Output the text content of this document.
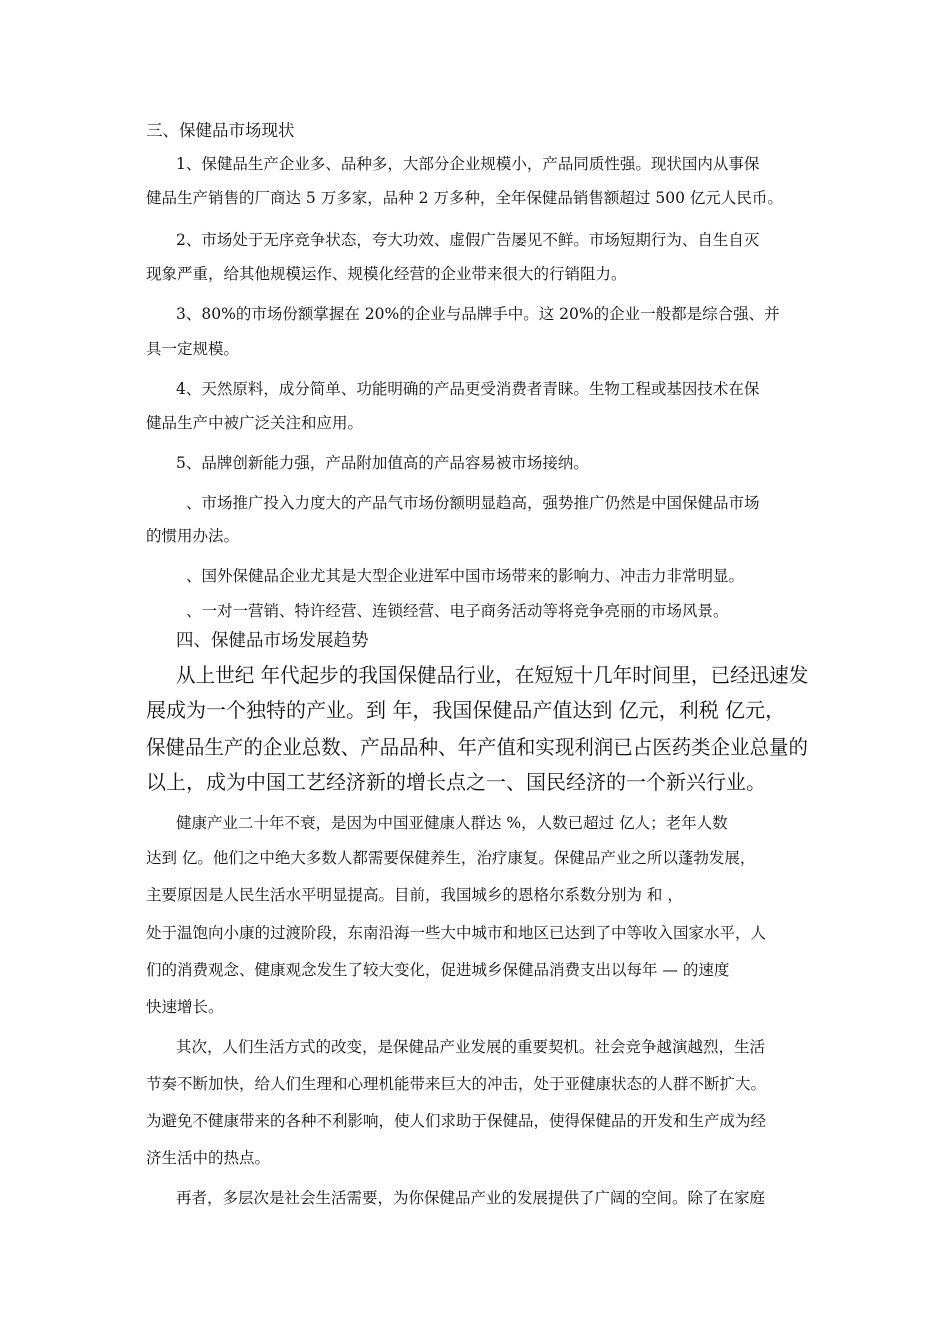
三、保健品市场现状
1、保健品生产企业多、品种多，大部分企业规模小，产品同质性强。现状国内从事保
健品生产销售的厂商达 5 万多家，品种 2 万多种，全年保健品销售额超过 500 亿元人民币。
2、市场处于无序竞争状态，夸大功效、虚假广告屡见不鲜。市场短期行为、自生自灭
现象严重，给其他规模运作、规模化经营的企业带来很大的行销阻力。
3、80%的市场份额掌握在 20%的企业与品牌手中。这 20%的企业一般都是综合强、并
具一定规模。
4、天然原料，成分简单、功能明确的产品更受消费者青睐。生物工程或基因技术在保
健品生产中被广泛关注和应用。
5、品牌创新能力强，产品附加值高的产品容易被市场接纳。
、市场推广投入力度大的产品气市场份额明显趋高，强势推广仍然是中国保健品市场
的惯用办法。
、国外保健品企业尤其是大型企业进军中国市场带来的影响力、冲击力非常明显。
、一对一营销、特许经营、连锁经营、电子商务活动等将竞争亮丽的市场风景。
四、保健品市场发展趋势
从上世纪 年代起步的我国保健品行业，在短短十几年时间里，已经迅速发
展成为一个独特的产业。到 年，我国保健品产值达到 亿元，利税 亿元，
保健品生产的企业总数、产品品种、年产值和实现利润已占医药类企业总量的
以上，成为中国工艺经济新的增长点之一、国民经济的一个新兴行业。
健康产业二十年不衰，是因为中国亚健康人群达 %，人数已超过 亿人；老年人数
达到 亿。他们之中绝大多数人都需要保健养生，治疗康复。保健品产业之所以蓬勃发展，
主要原因是人民生活水平明显提高。目前，我国城乡的恩格尔系数分别为 和 ，
处于温饱向小康的过渡阶段，东南沿海一些大中城市和地区已达到了中等收入国家水平，人
们的消费观念、健康观念发生了较大变化，促进城乡保健品消费支出以每年 — 的速度
快速增长。
其次，人们生活方式的改变，是保健品产业发展的重要契机。社会竞争越演越烈，生活
节奏不断加快，给人们生理和心理机能带来巨大的冲击，处于亚健康状态的人群不断扩大。
为避免不健康带来的各种不利影响，使人们求助于保健品，使得保健品的开发和生产成为经
济生活中的热点。
再者，多层次是社会生活需要，为你保健品产业的发展提供了广阔的空间。除了在家庭
